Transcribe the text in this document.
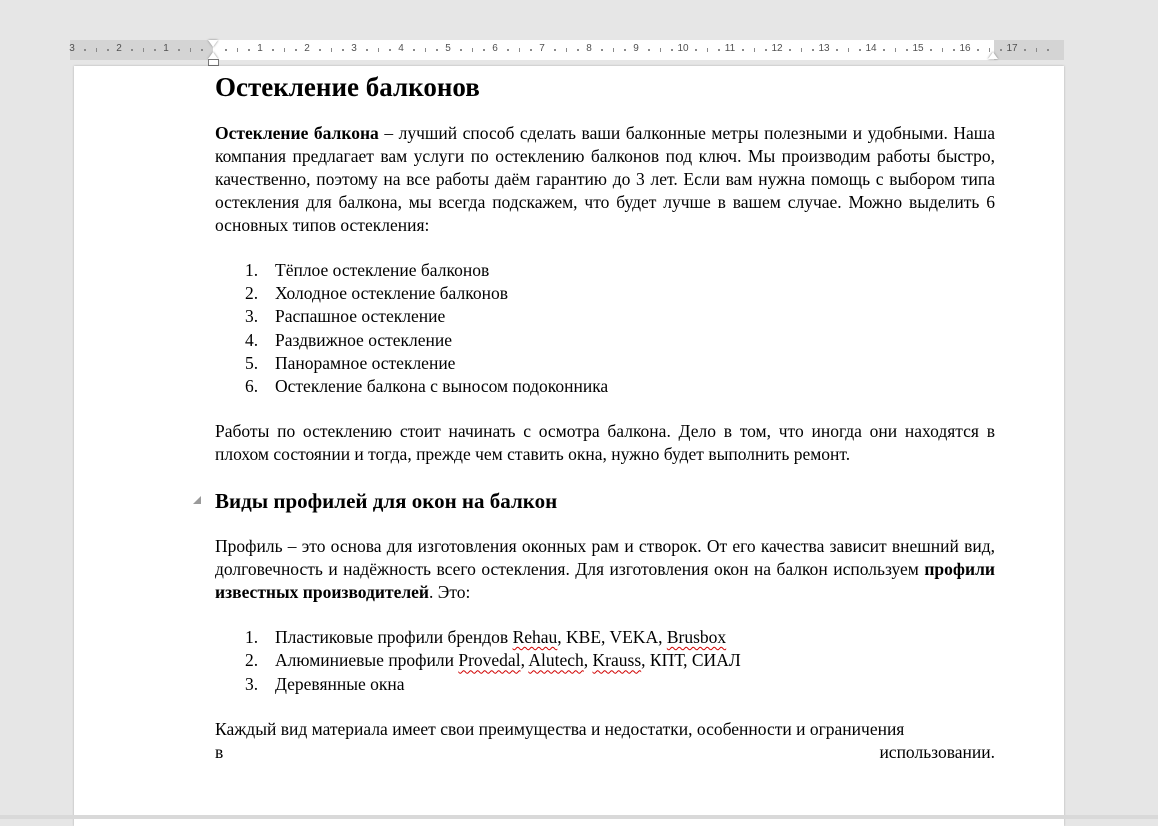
3	2	1	1	2	3	4	5	6	7	8	9	10	11	12	13	14	15	16	17
Остекление балконов

Остекление балкона – лучший способ сделать ваши балконные метры полезными и удобными. Наша компания предлагает вам услуги по остеклению балконов под ключ. Мы производим работы быстро, качественно, поэтому на все работы даём гарантию до 3 лет. Если вам нужна помощь с выбором типа остекления для балкона, мы всегда подскажем, что будет лучше в вашем случае. Можно выделить 6 основных типов остекления:

1. Тёплое остекление балконов
2. Холодное остекление балконов
3. Распашное остекление
4. Раздвижное остекление
5. Панорамное остекление
6. Остекление балкона с выносом подоконника

Работы по остеклению стоит начинать с осмотра балкона. Дело в том, что иногда они находятся в плохом состоянии и тогда, прежде чем ставить окна, нужно будет выполнить ремонт.

Виды профилей для окон на балкон

Профиль – это основа для изготовления оконных рам и створок. От его качества зависит внешний вид, долговечность и надёжность всего остекления. Для изготовления окон на балкон используем профили известных производителей. Это:

1. Пластиковые профили брендов Rehau, KBE, VEKA, Brusbox
2. Алюминиевые профили Provedal, Alutech, Krauss, КПТ, СИАЛ
3. Деревянные окна

Каждый вид материала имеет свои преимущества и недостатки, особенности и ограничения
в	использовании.
